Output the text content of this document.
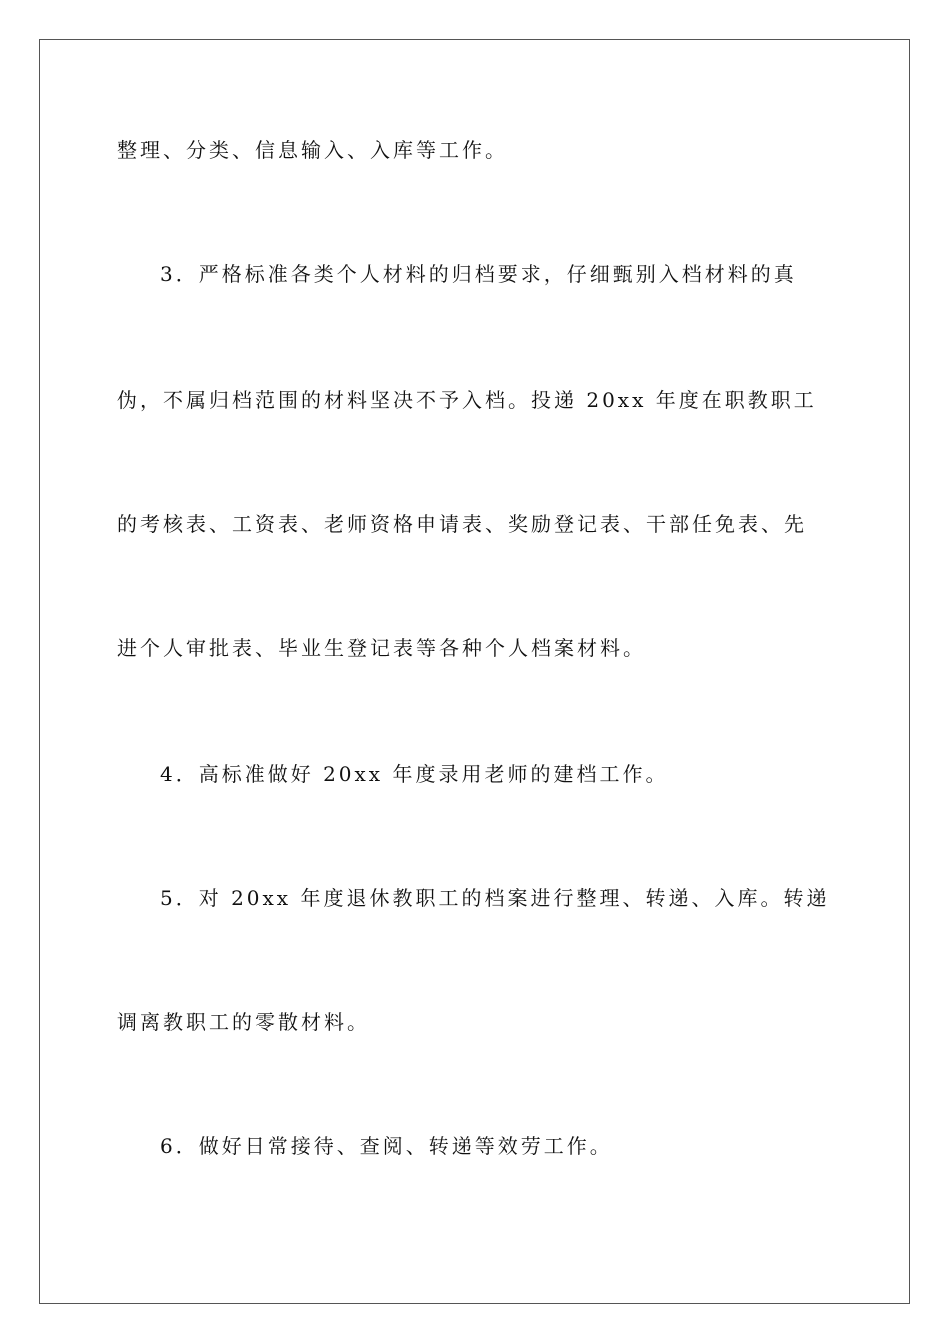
整理、分类、信息输入、入库等工作。
3．严格标准各类个人材料的归档要求，仔细甄别入档材料的真
伪，不属归档范围的材料坚决不予入档。投递 20xx 年度在职教职工
的考核表、工资表、老师资格申请表、奖励登记表、干部任免表、先
进个人审批表、毕业生登记表等各种个人档案材料。
4．高标准做好 20xx 年度录用老师的建档工作。
5．对 20xx 年度退休教职工的档案进行整理、转递、入库。转递
调离教职工的零散材料。
6．做好日常接待、查阅、转递等效劳工作。
